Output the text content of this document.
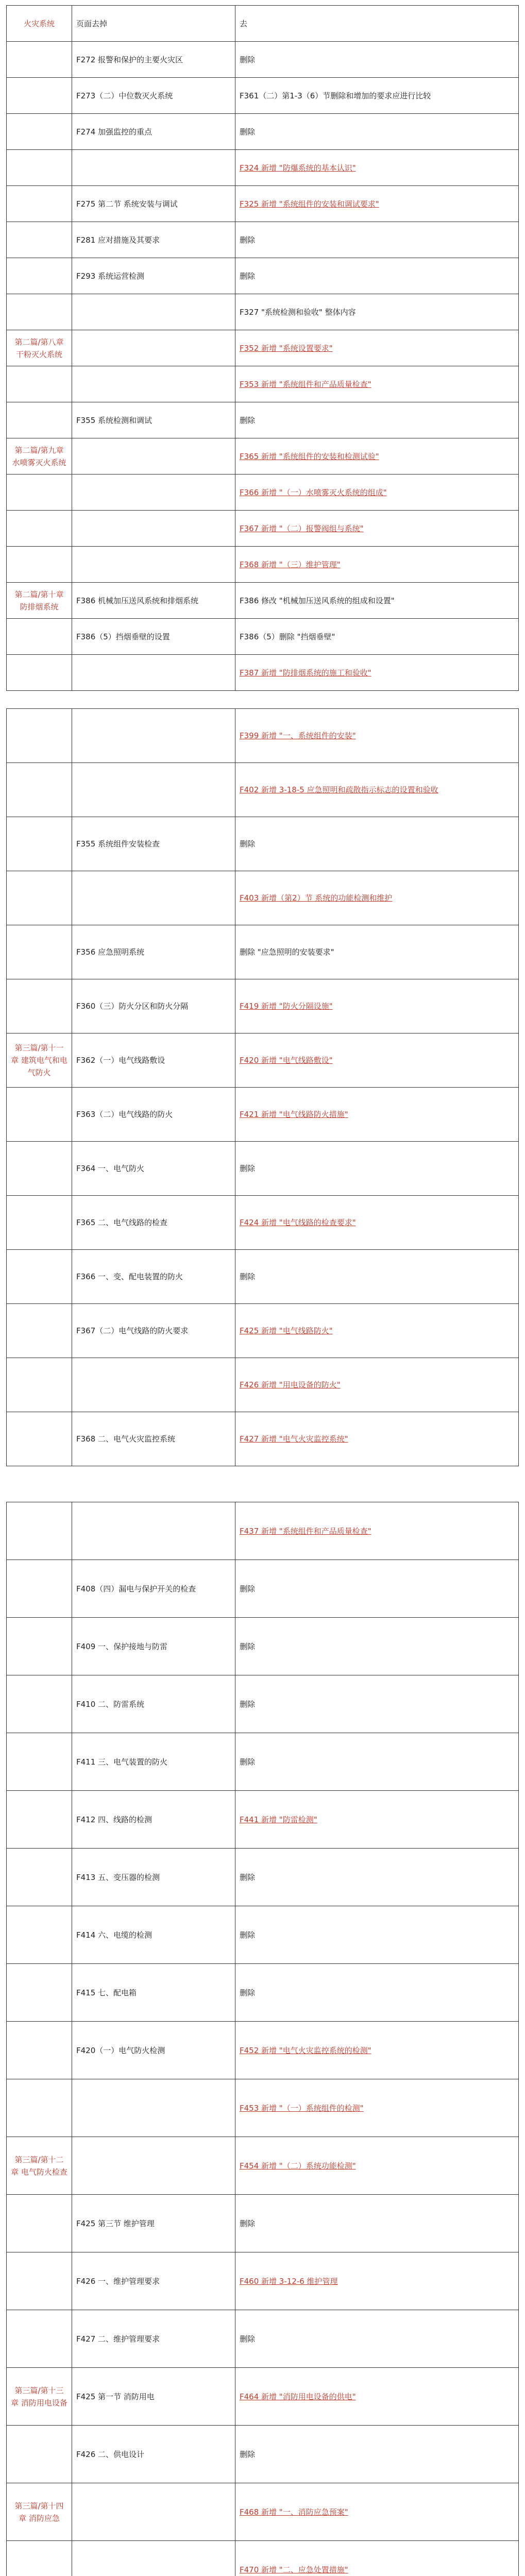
火灾系统	页面去掉	去
	F272 报警和保护的主要火灾区	删除
	F273（二）中位数灭火系统	F361（二）第1-3（6）节删除和增加的要求应进行比较
	F274 加强监控的重点	删除
		F324 新增 "防爆系统的基本认识"
	F275 第二节 系统安装与调试	F325 新增 "系统组件的安装和调试要求"
	F281 应对措施及其要求	删除
	F293 系统运营检测	删除
		F327 "系统检测和验收" 整体内容
第二篇/第八章 干粉灭火系统		F352 新增 "系统设置要求"
		F353 新增 "系统组件和产品质量检查"
	F355 系统检测和调试	删除
第二篇/第九章 水喷雾灭火系统		F365 新增 "系统组件的安装和检测试验"
		F366 新增 "（一）水喷雾灭火系统的组成"
		F367 新增 "（二）报警阀组与系统"
		F368 新增 "（三）维护管理"
第二篇/第十章 防排烟系统	F386 机械加压送风系统和排烟系统	F386 修改 "机械加压送风系统的组成和设置"
	F386（5）挡烟垂壁的设置	F386（5）删除 "挡烟垂壁"
		F387 新增 "防排烟系统的施工和验收"
		F399 新增 "一、系统组件的安装"
		F402 新增 3-18-5 应急照明和疏散指示标志的设置和验收
	F355 系统组件安装检查	删除
		F403 新增（第2）节 系统的功能检测和维护
	F356 应急照明系统	删除 "应急照明的安装要求"
	F360（三）防火分区和防火分隔	F419 新增 "防火分隔设施"
第三篇/第十一章 建筑电气和电气防火	F362（一）电气线路敷设	F420 新增 "电气线路敷设"
	F363（二）电气线路的防火	F421 新增 "电气线路防火措施"
	F364 一、电气防火	删除
	F365 二、电气线路的检查	F424 新增 "电气线路的检查要求"
	F366 一、变、配电装置的防火	删除
	F367（二）电气线路的防火要求	F425 新增 "电气线路防火"
		F426 新增 "用电设备的防火"
	F368 二、电气火灾监控系统	F427 新增 "电气火灾监控系统"
		F437 新增 "系统组件和产品质量检查"
	F408（四）漏电与保护开关的检查	删除
	F409 一、保护接地与防雷	删除
	F410 二、防雷系统	删除
	F411 三、电气装置的防火	删除
	F412 四、线路的检测	F441 新增 "防雷检测"
	F413 五、变压器的检测	删除
	F414 六、电缆的检测	删除
	F415 七、配电箱	删除
	F420（一）电气防火检测	F452 新增 "电气火灾监控系统的检测"
		F453 新增 "（一）系统组件的检测"
第三篇/第十二章 电气防火检查		F454 新增 "（二）系统功能检测"
	F425 第三节 维护管理	删除
	F426 一、维护管理要求	F460 新增 3-12-6 维护管理
	F427 二、维护管理要求	删除
第三篇/第十三章 消防用电设备	F425 第一节 消防用电	F464 新增 "消防用电设备的供电"
	F426 二、供电设计	删除
第三篇/第十四章 消防应急		F468 新增 "一、消防应急预案"
		F470 新增 "二、应急处置措施"
